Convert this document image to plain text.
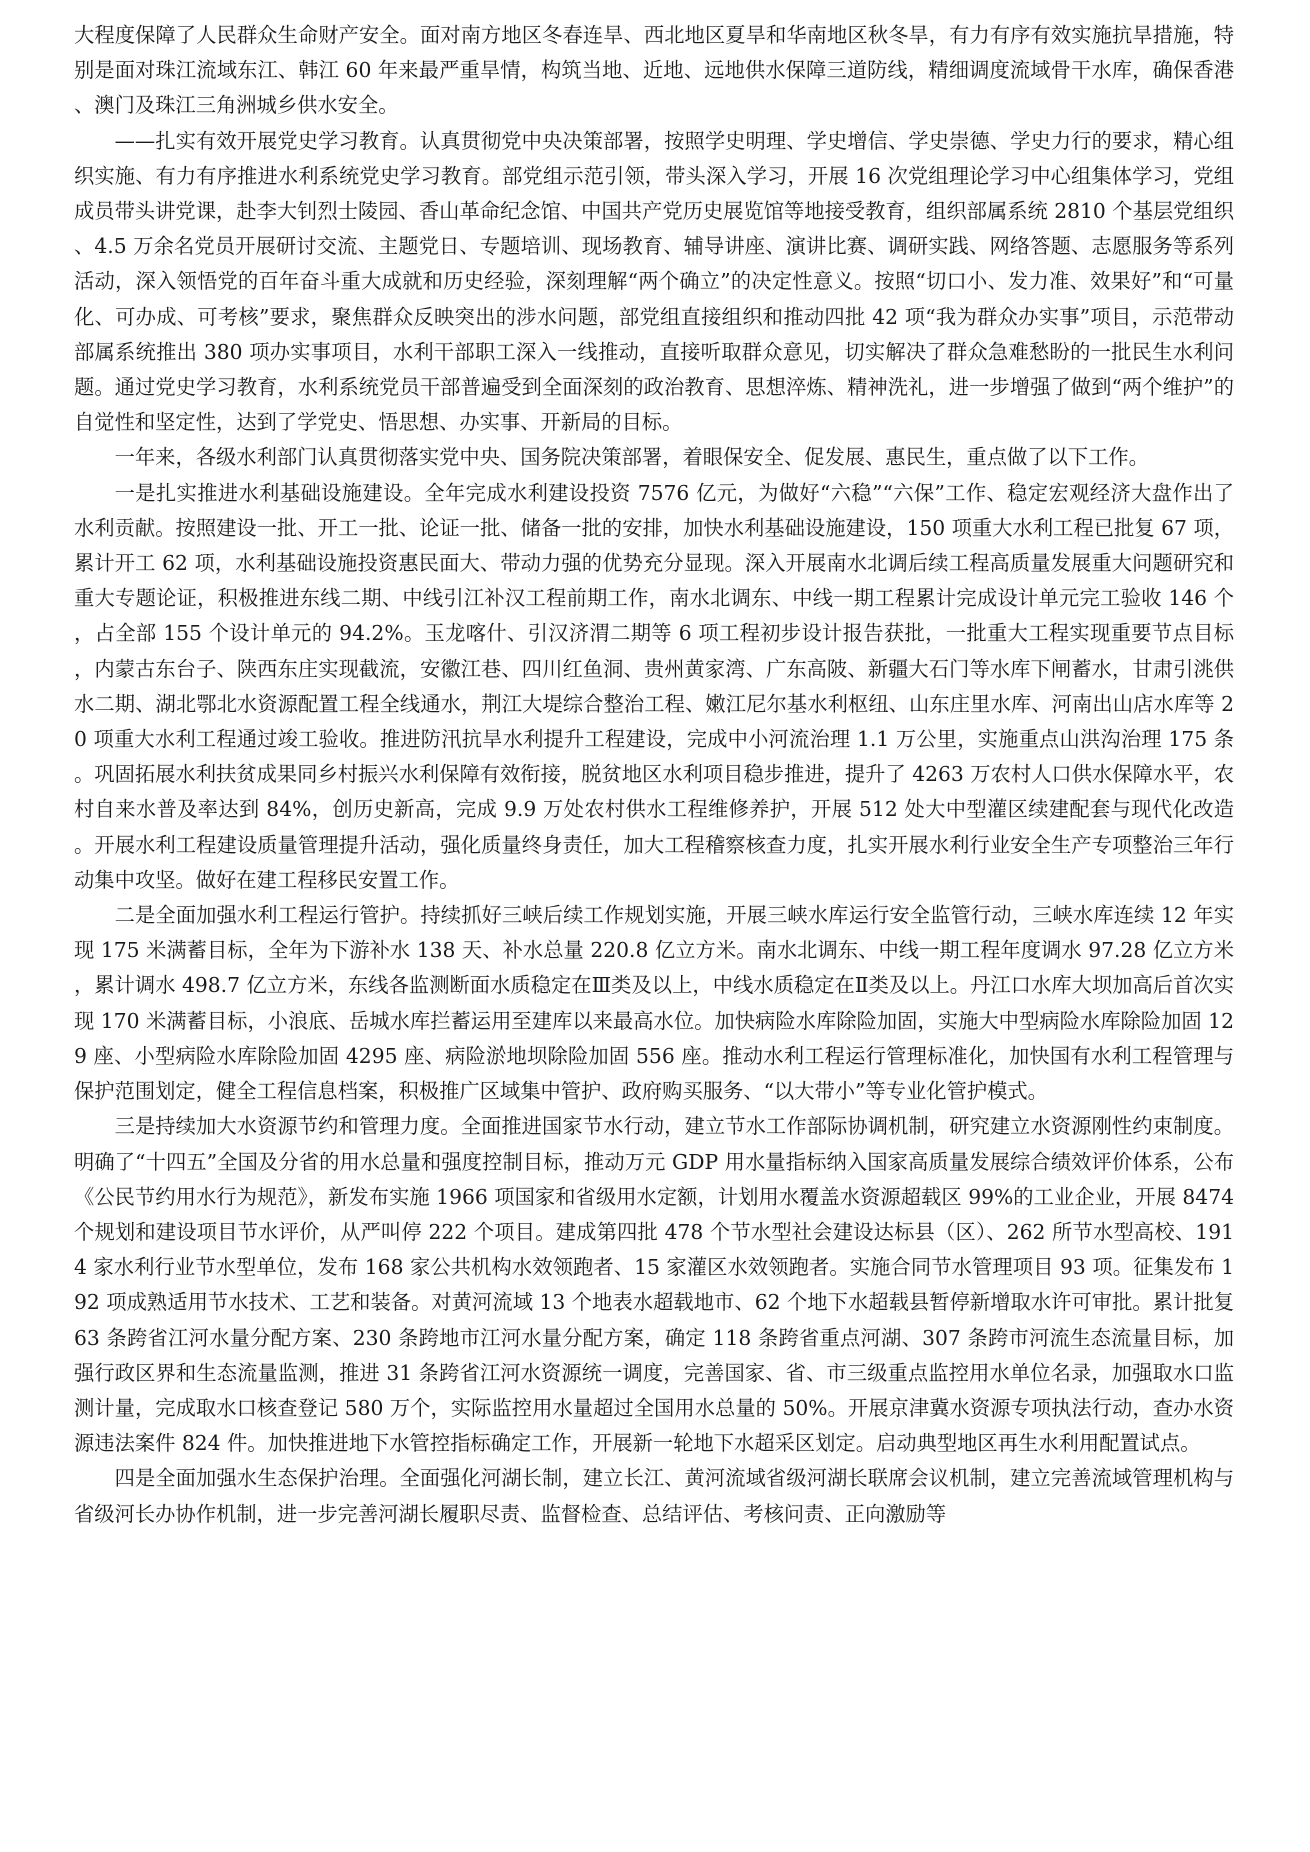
大程度保障了人民群众生命财产安全。面对南方地区冬春连旱、西北地区夏旱和华南地区秋冬旱，有力有序有效实施抗旱措施，特别是面对珠江流域东江、韩江 60 年来最严重旱情，构筑当地、近地、远地供水保障三道防线，精细调度流域骨干水库，确保香港、澳门及珠江三角洲城乡供水安全。

——扎实有效开展党史学习教育。认真贯彻党中央决策部署，按照学史明理、学史增信、学史崇德、学史力行的要求，精心组织实施、有力有序推进水利系统党史学习教育。部党组示范引领，带头深入学习，开展 16 次党组理论学习中心组集体学习，党组成员带头讲党课，赴李大钊烈士陵园、香山革命纪念馆、中国共产党历史展览馆等地接受教育，组织部属系统 2810 个基层党组织、4.5 万余名党员开展研讨交流、主题党日、专题培训、现场教育、辅导讲座、演讲比赛、调研实践、网络答题、志愿服务等系列活动，深入领悟党的百年奋斗重大成就和历史经验，深刻理解“两个确立”的决定性意义。按照“切口小、发力准、效果好”和“可量化、可办成、可考核”要求，聚焦群众反映突出的涉水问题，部党组直接组织和推动四批 42 项“我为群众办实事”项目，示范带动部属系统推出 380 项办实事项目，水利干部职工深入一线推动，直接听取群众意见，切实解决了群众急难愁盼的一批民生水利问题。通过党史学习教育，水利系统党员干部普遍受到全面深刻的政治教育、思想淬炼、精神洗礼，进一步增强了做到“两个维护”的自觉性和坚定性，达到了学党史、悟思想、办实事、开新局的目标。

一年来，各级水利部门认真贯彻落实党中央、国务院决策部署，着眼保安全、促发展、惠民生，重点做了以下工作。

一是扎实推进水利基础设施建设。全年完成水利建设投资 7576 亿元，为做好“六稳”“六保”工作、稳定宏观经济大盘作出了水利贡献。按照建设一批、开工一批、论证一批、储备一批的安排，加快水利基础设施建设，150 项重大水利工程已批复 67 项，累计开工 62 项，水利基础设施投资惠民面大、带动力强的优势充分显现。深入开展南水北调后续工程高质量发展重大问题研究和重大专题论证，积极推进东线二期、中线引江补汉工程前期工作，南水北调东、中线一期工程累计完成设计单元完工验收 146 个，占全部 155 个设计单元的 94.2%。玉龙喀什、引汉济渭二期等 6 项工程初步设计报告获批，一批重大工程实现重要节点目标，内蒙古东台子、陕西东庄实现截流，安徽江巷、四川红鱼洞、贵州黄家湾、广东高陂、新疆大石门等水库下闸蓄水，甘肃引洮供水二期、湖北鄂北水资源配置工程全线通水，荆江大堤综合整治工程、嫩江尼尔基水利枢纽、山东庄里水库、河南出山店水库等 20 项重大水利工程通过竣工验收。推进防汛抗旱水利提升工程建设，完成中小河流治理 1.1 万公里，实施重点山洪沟治理 175 条。巩固拓展水利扶贫成果同乡村振兴水利保障有效衔接，脱贫地区水利项目稳步推进，提升了 4263 万农村人口供水保障水平，农村自来水普及率达到 84%，创历史新高，完成 9.9 万处农村供水工程维修养护，开展 512 处大中型灌区续建配套与现代化改造。开展水利工程建设质量管理提升活动，强化质量终身责任，加大工程稽察核查力度，扎实开展水利行业安全生产专项整治三年行动集中攻坚。做好在建工程移民安置工作。

二是全面加强水利工程运行管护。持续抓好三峡后续工作规划实施，开展三峡水库运行安全监管行动，三峡水库连续 12 年实现 175 米满蓄目标，全年为下游补水 138 天、补水总量 220.8 亿立方米。南水北调东、中线一期工程年度调水 97.28 亿立方米，累计调水 498.7 亿立方米，东线各监测断面水质稳定在Ⅲ类及以上，中线水质稳定在Ⅱ类及以上。丹江口水库大坝加高后首次实现 170 米满蓄目标，小浪底、岳城水库拦蓄运用至建库以来最高水位。加快病险水库除险加固，实施大中型病险水库除险加固 129 座、小型病险水库除险加固 4295 座、病险淤地坝除险加固 556 座。推动水利工程运行管理标准化，加快国有水利工程管理与保护范围划定，健全工程信息档案，积极推广区域集中管护、政府购买服务、“以大带小”等专业化管护模式。

三是持续加大水资源节约和管理力度。全面推进国家节水行动，建立节水工作部际协调机制，研究建立水资源刚性约束制度。明确了“十四五”全国及分省的用水总量和强度控制目标，推动万元 GDP 用水量指标纳入国家高质量发展综合绩效评价体系，公布《公民节约用水行为规范》，新发布实施 1966 项国家和省级用水定额，计划用水覆盖水资源超载区 99%的工业企业，开展 8474 个规划和建设项目节水评价，从严叫停 222 个项目。建成第四批 478 个节水型社会建设达标县（区）、262 所节水型高校、1914 家水利行业节水型单位，发布 168 家公共机构水效领跑者、15 家灌区水效领跑者。实施合同节水管理项目 93 项。征集发布 192 项成熟适用节水技术、工艺和装备。对黄河流域 13 个地表水超载地市、62 个地下水超载县暂停新增取水许可审批。累计批复 63 条跨省江河水量分配方案、230 条跨地市江河水量分配方案，确定 118 条跨省重点河湖、307 条跨市河流生态流量目标，加强行政区界和生态流量监测，推进 31 条跨省江河水资源统一调度，完善国家、省、市三级重点监控用水单位名录，加强取水口监测计量，完成取水口核查登记 580 万个，实际监控用水量超过全国用水总量的 50%。开展京津冀水资源专项执法行动，查办水资源违法案件 824 件。加快推进地下水管控指标确定工作，开展新一轮地下水超采区划定。启动典型地区再生水利用配置试点。

四是全面加强水生态保护治理。全面强化河湖长制，建立长江、黄河流域省级河湖长联席会议机制，建立完善流域管理机构与省级河长办协作机制，进一步完善河湖长履职尽责、监督检查、总结评估、考核问责、正向激励等
